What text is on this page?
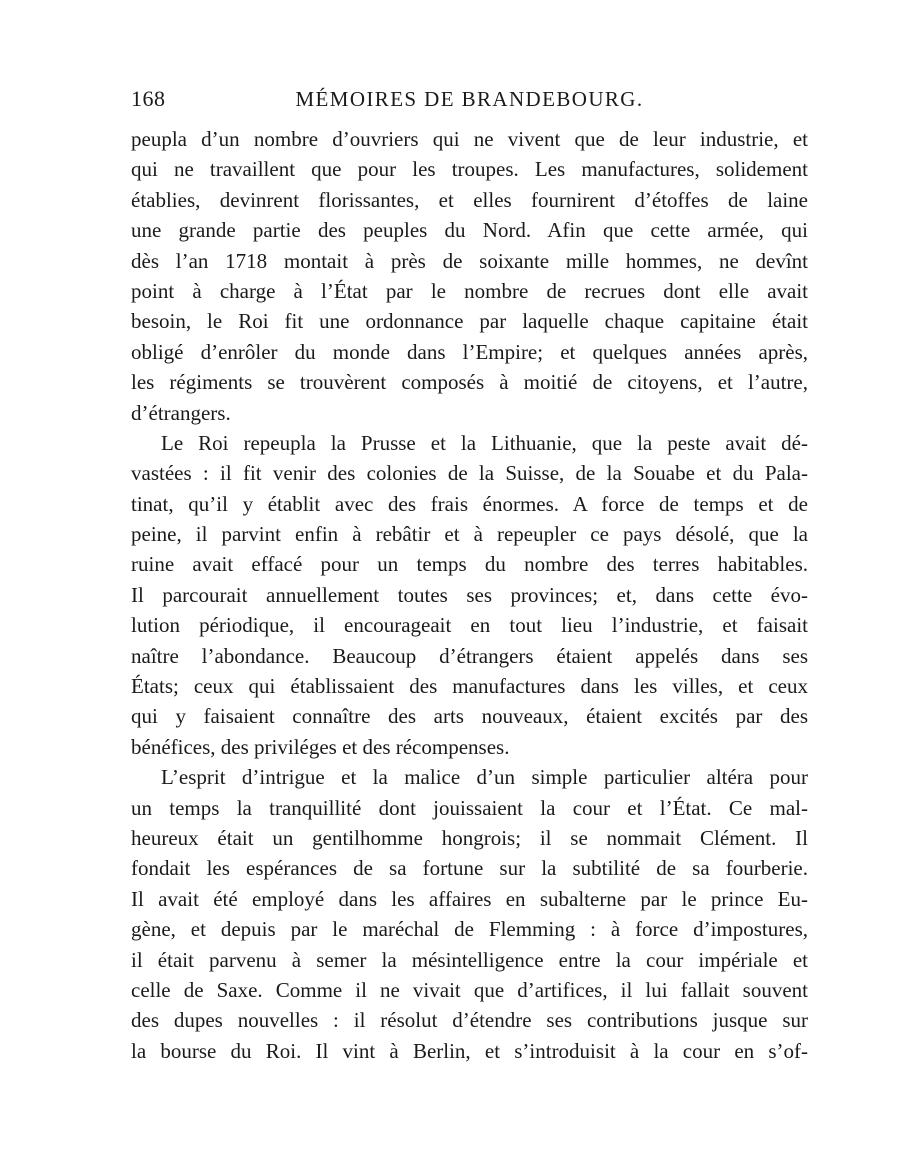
168	MÉMOIRES DE BRANDEBOURG.
peupla d’un nombre d’ouvriers qui ne vivent que de leur industrie, et
qui ne travaillent que pour les troupes. Les manufactures, solidement
établies, devinrent florissantes, et elles fournirent d’étoffes de laine
une grande partie des peuples du Nord. Afin que cette armée, qui
dès l’an 1718 montait à près de soixante mille hommes, ne devînt
point à charge à l’État par le nombre de recrues dont elle avait
besoin, le Roi fit une ordonnance par laquelle chaque capitaine était
obligé d’enrôler du monde dans l’Empire; et quelques années après,
les régiments se trouvèrent composés à moitié de citoyens, et l’autre,
d’étrangers.
Le Roi repeupla la Prusse et la Lithuanie, que la peste avait dé-
vastées : il fit venir des colonies de la Suisse, de la Souabe et du Pala-
tinat, qu’il y établit avec des frais énormes. A force de temps et de
peine, il parvint enfin à rebâtir et à repeupler ce pays désolé, que la
ruine avait effacé pour un temps du nombre des terres habitables.
Il parcourait annuellement toutes ses provinces; et, dans cette évo-
lution périodique, il encourageait en tout lieu l’industrie, et faisait
naître l’abondance. Beaucoup d’étrangers étaient appelés dans ses
États; ceux qui établissaient des manufactures dans les villes, et ceux
qui y faisaient connaître des arts nouveaux, étaient excités par des
bénéfices, des priviléges et des récompenses.
L’esprit d’intrigue et la malice d’un simple particulier altéra pour
un temps la tranquillité dont jouissaient la cour et l’État. Ce mal-
heureux était un gentilhomme hongrois; il se nommait Clément. Il
fondait les espérances de sa fortune sur la subtilité de sa fourberie.
Il avait été employé dans les affaires en subalterne par le prince Eu-
gène, et depuis par le maréchal de Flemming : à force d’impostures,
il était parvenu à semer la mésintelligence entre la cour impériale et
celle de Saxe. Comme il ne vivait que d’artifices, il lui fallait souvent
des dupes nouvelles : il résolut d’étendre ses contributions jusque sur
la bourse du Roi. Il vint à Berlin, et s’introduisit à la cour en s’of-
